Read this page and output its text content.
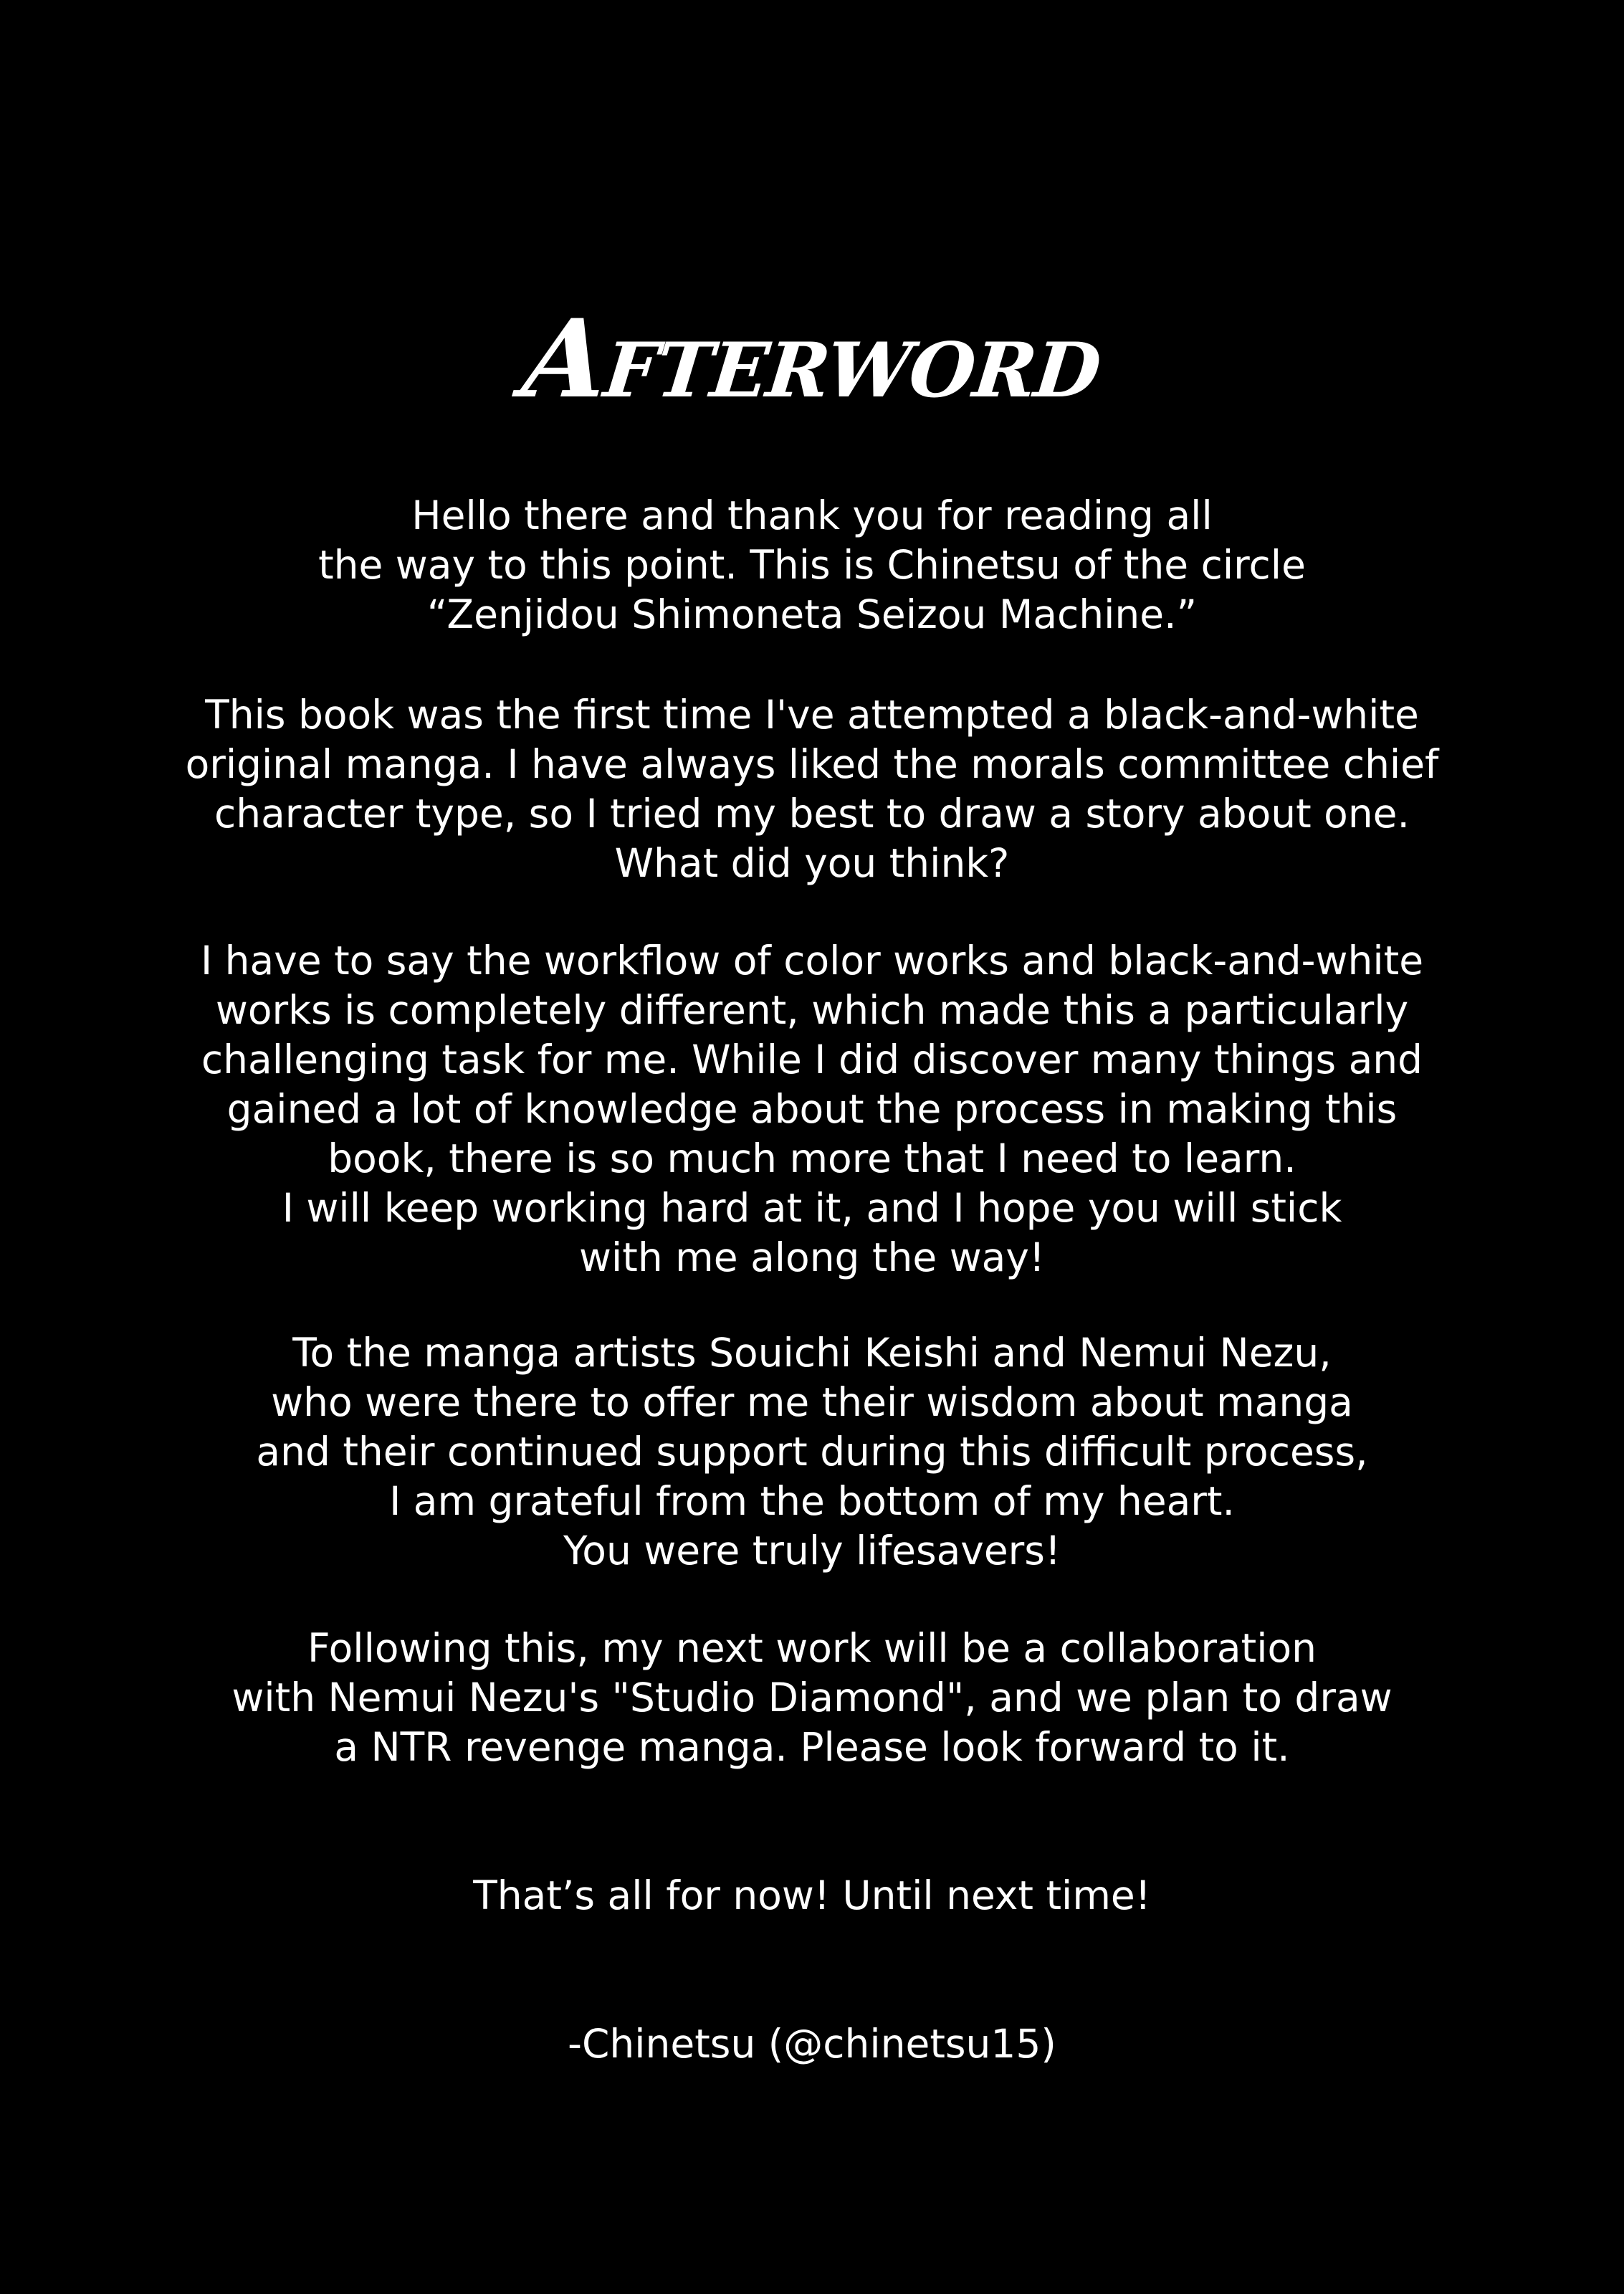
Afterword
Hello there and thank you for reading all
the way to this point. This is Chinetsu of the circle
“Zenjidou Shimoneta Seizou Machine.”
This book was the first time I've attempted a black-and-white
original manga. I have always liked the morals committee chief
character type, so I tried my best to draw a story about one.
What did you think?
I have to say the workflow of color works and black-and-white
works is completely different, which made this a particularly
challenging task for me. While I did discover many things and
gained a lot of knowledge about the process in making this
book, there is so much more that I need to learn.
I will keep working hard at it, and I hope you will stick
with me along the way!
To the manga artists Souichi Keishi and Nemui Nezu,
who were there to offer me their wisdom about manga
and their continued support during this difficult process,
I am grateful from the bottom of my heart.
You were truly lifesavers!
Following this, my next work will be a collaboration
with Nemui Nezu's "Studio Diamond", and we plan to draw
a NTR revenge manga. Please look forward to it.
That’s all for now! Until next time!
-Chinetsu (@chinetsu15)
